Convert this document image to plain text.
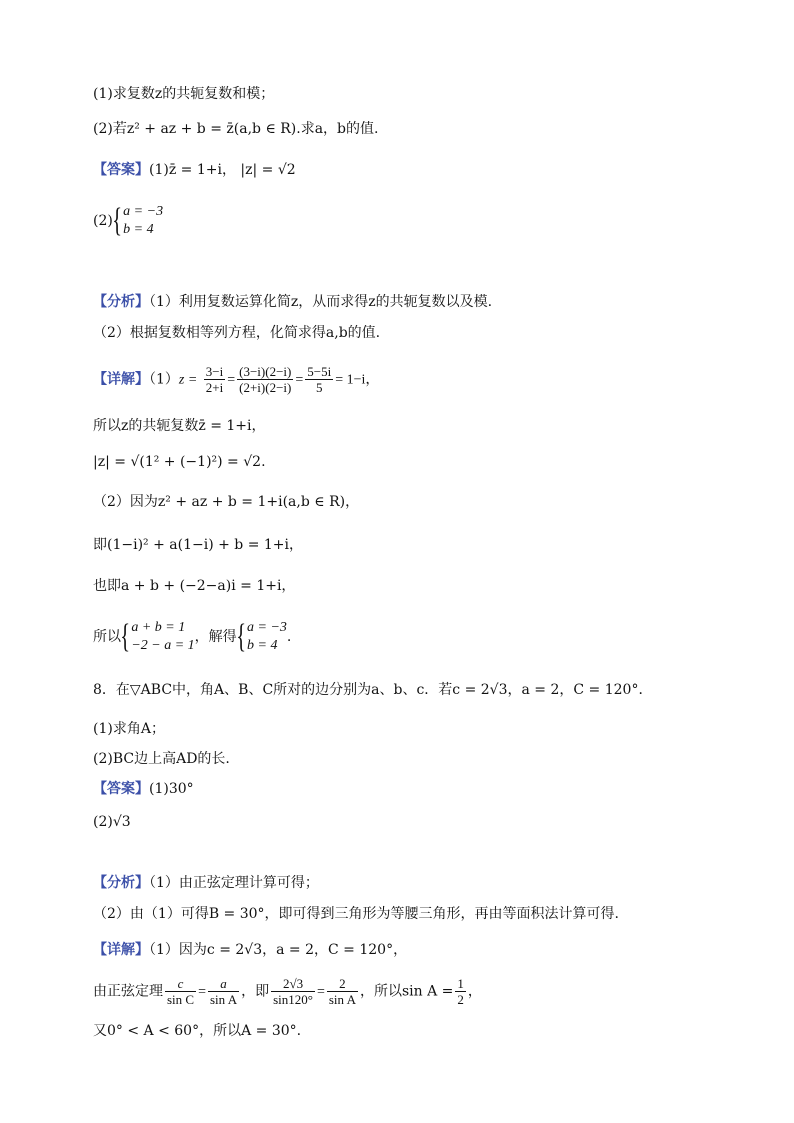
(1)求复数z的共轭复数和模；
(2)若z² + az + b = z̄(a,b ∈ R).求a，b的值.
【答案】(1)z̄ = 1+i， |z| = √2
(2){ a = −3
b = 4
【分析】（1）利用复数运算化简z，从而求得z的共轭复数以及模.
（2）根据复数相等列方程，化简求得a,b的值.
【详解】$(1)z = \frac{3-i}{2+i} = \frac{(3-i)(2-i)}{(2+i)(2-i)} = \frac{5-5i}{5} = 1-i$，
所以z的共轭复数z̄ = 1+i，
|z| = √(1² + (−1)²) = √2.
（2）因为z² + az + b = 1+i(a,b ∈ R)，
即(1−i)² + a(1−i) + b = 1+i，
也即a + b + (−2−a)i = 1+i，
所以{ a + b = 1
−2 − a = 1
，解得{ a = −3
b = 4
.
8．在▽ABC中，角A、B、C所对的边分别为a、b、c．若c = 2√3，a = 2，C = 120°．
(1)求角A；
(2)BC边上高AD的长.
【答案】(1)30°
(2)√3
【分析】（1）由正弦定理计算可得；
（2）由（1）可得B = 30°，即可得到三角形为等腰三角形，再由等面积法计算可得.
【详解】（1）因为c = 2√3，a = 2，C = 120°，
由正弦定理 $\frac{c}{\text{sin C}} = \frac{a}{\text{sin A}}$ ，即 $\frac{2√3}{\sin 120^\circ} = \frac{2}{\text{sin A}}$ ，所以$\sin A = \frac{1}{2}$ ，
又0° < A < 60°，所以A = 30°.
